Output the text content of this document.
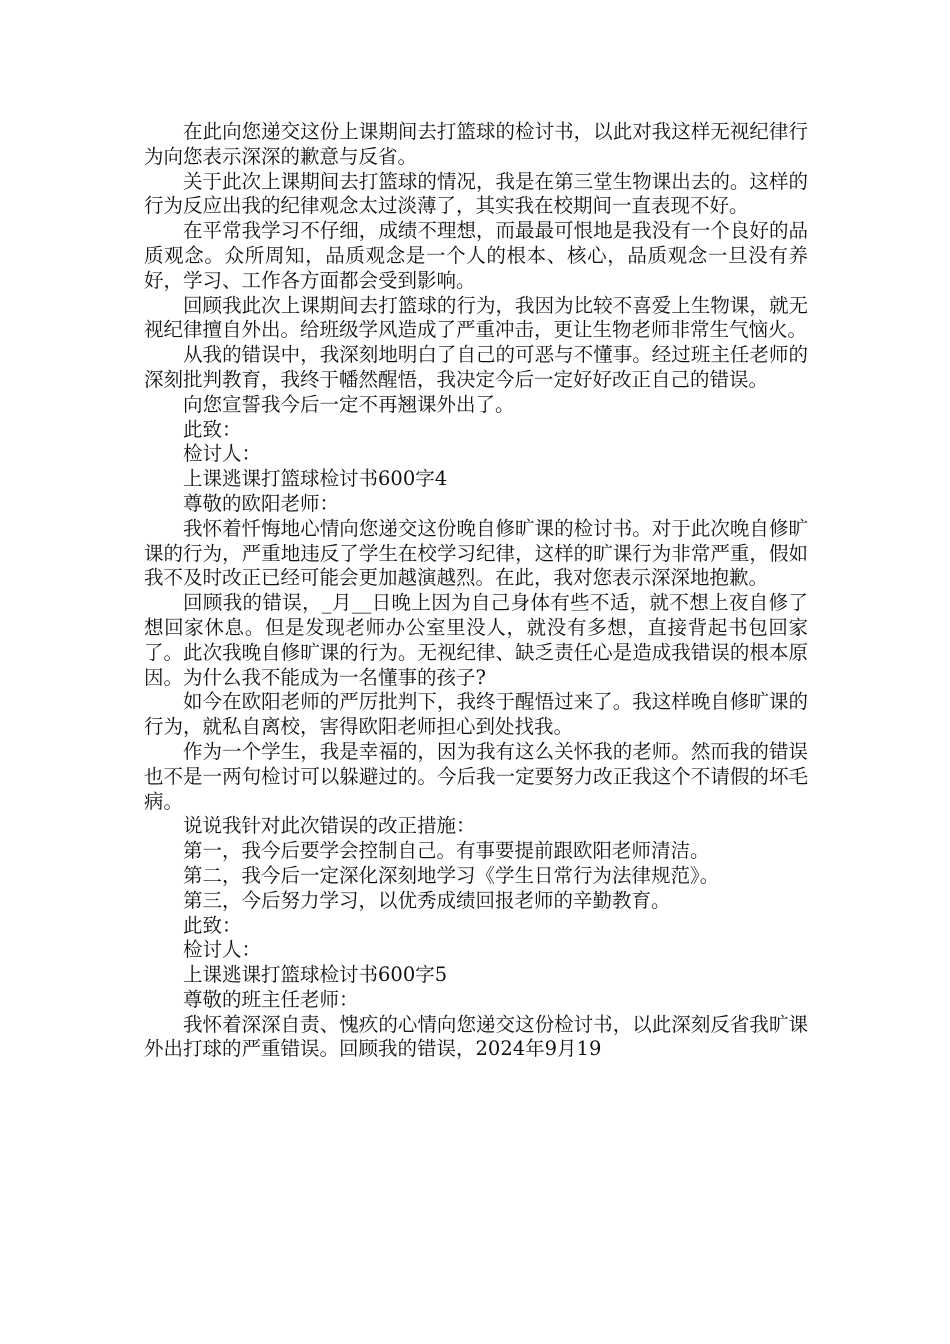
在此向您递交这份上课期间去打篮球的检讨书，以此对我这样无视纪律行为向您表示深深的歉意与反省。

关于此次上课期间去打篮球的情况，我是在第三堂生物课出去的。这样的行为反应出我的纪律观念太过淡薄了，其实我在校期间一直表现不好。

在平常我学习不仔细，成绩不理想，而最最可恨地是我没有一个良好的品质观念。众所周知，品质观念是一个人的根本、核心，品质观念一旦没有养好，学习、工作各方面都会受到影响。

回顾我此次上课期间去打篮球的行为，我因为比较不喜爱上生物课，就无视纪律擅自外出。给班级学风造成了严重冲击，更让生物老师非常生气恼火。

从我的错误中，我深刻地明白了自己的可恶与不懂事。经过班主任老师的深刻批判教育，我终于幡然醒悟，我决定今后一定好好改正自己的错误。

向您宣誓我今后一定不再翘课外出了。

此致：

检讨人：

上课逃课打篮球检讨书600字4

尊敬的欧阳老师：

我怀着忏悔地心情向您递交这份晚自修旷课的检讨书。对于此次晚自修旷课的行为，严重地违反了学生在校学习纪律，这样的旷课行为非常严重，假如我不及时改正已经可能会更加越演越烈。在此，我对您表示深深地抱歉。

回顾我的错误，_月__日晚上因为自己身体有些不适，就不想上夜自修了想回家休息。但是发现老师办公室里没人，就没有多想，直接背起书包回家了。此次我晚自修旷课的行为。无视纪律、缺乏责任心是造成我错误的根本原因。为什么我不能成为一名懂事的孩子?

如今在欧阳老师的严厉批判下，我终于醒悟过来了。我这样晚自修旷课的行为，就私自离校，害得欧阳老师担心到处找我。

作为一个学生，我是幸福的，因为我有这么关怀我的老师。然而我的错误也不是一两句检讨可以躲避过的。今后我一定要努力改正我这个不请假的坏毛病。

说说我针对此次错误的改正措施：

第一，我今后要学会控制自己。有事要提前跟欧阳老师清洁。

第二，我今后一定深化深刻地学习《学生日常行为法律规范》。

第三，今后努力学习，以优秀成绩回报老师的辛勤教育。

此致：

检讨人：

上课逃课打篮球检讨书600字5

尊敬的班主任老师：

我怀着深深自责、愧疚的心情向您递交这份检讨书，以此深刻反省我旷课外出打球的严重错误。回顾我的错误，2024年9月19
